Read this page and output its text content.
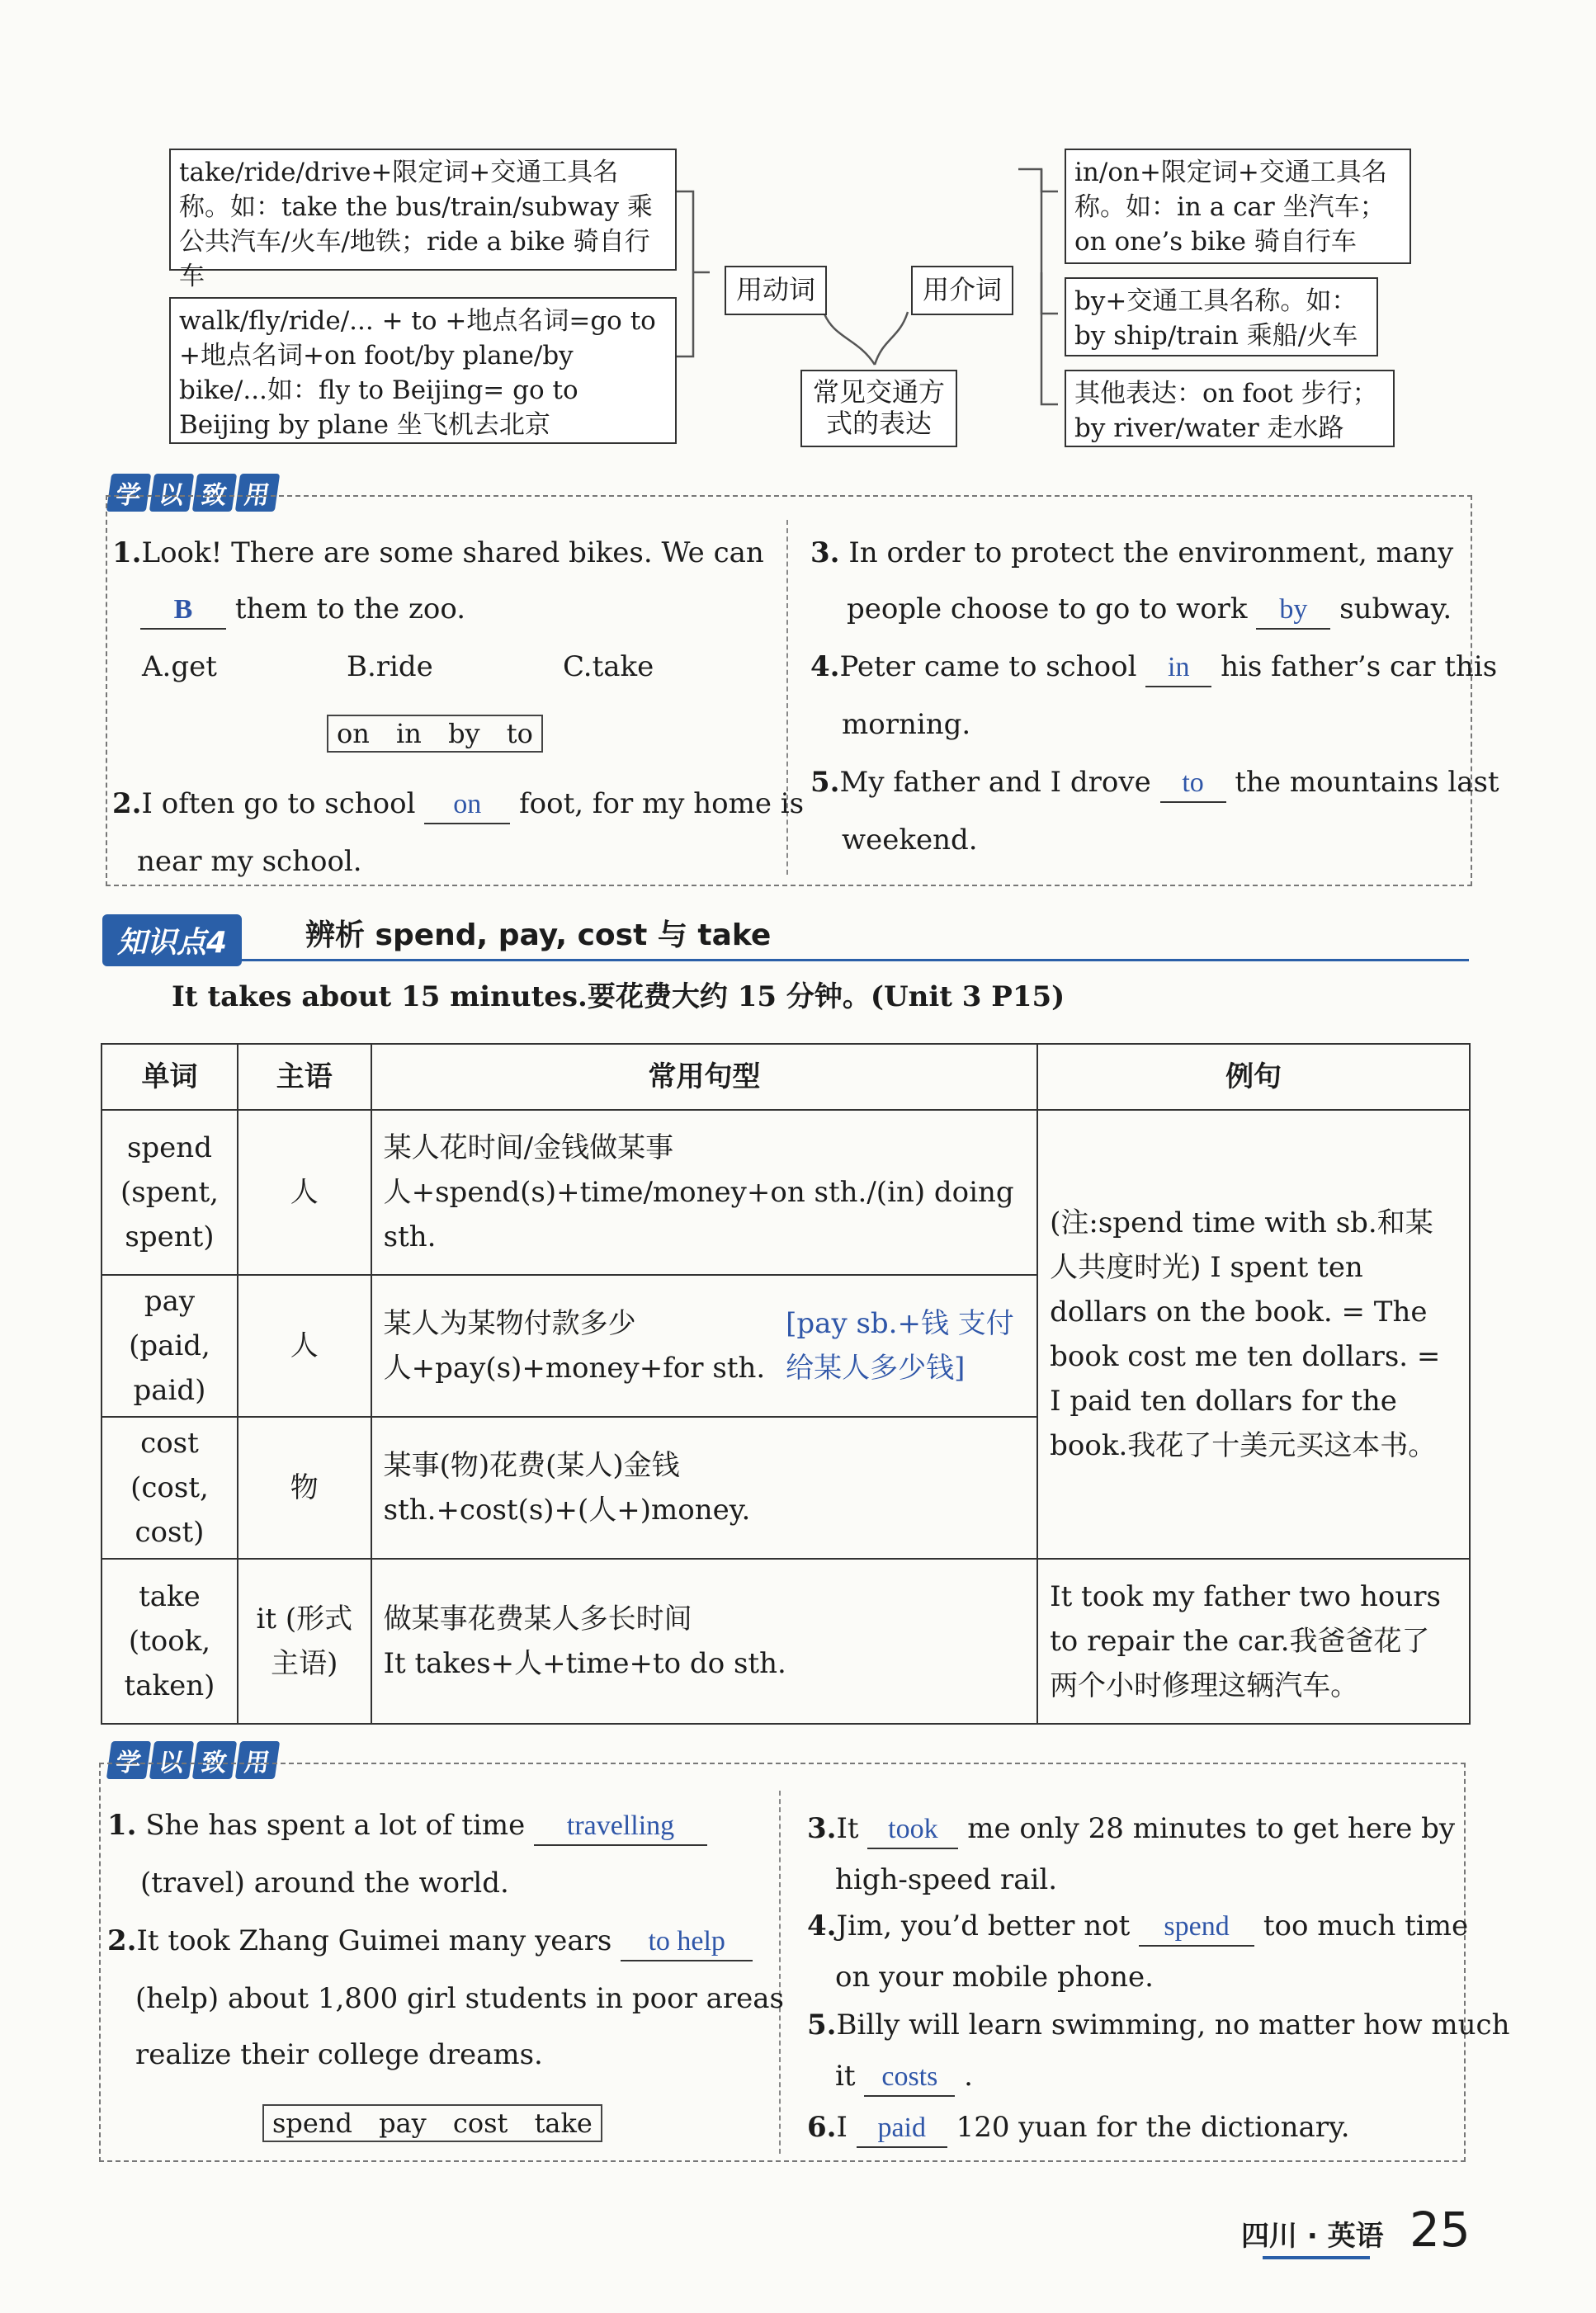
take/ride/drive+限定词+交通工具名称。如：take the bus/train/subway 乘公共汽车/火车/地铁；ride a bike 骑自行车
walk/fly/ride/... + to +地点名词=go to +地点名词+on foot/by plane/by bike/...如：fly to Beijing= go to Beijing by plane 坐飞机去北京
用动词
常见交通方式的表达
用介词
in/on+限定词+交通工具名称。如：in a car 坐汽车；on one’s bike 骑自行车
by+交通工具名称。如：by ship/train 乘船/火车
其他表达：on foot 步行；by river/water 走水路
学 以 致 用
1.Look! There are some shared bikes. We can
B them to the zoo.
A.get	B.ride	C.take
on in by to
2.I often go to school on foot, for my home is
near my school.
3. In order to protect the environment, many
people choose to go to work by subway.
4.Peter came to school in his father’s car this
morning.
5.My father and I drove to the mountains last
weekend.
知识点4	辨析 spend, pay, cost 与 take
It takes about 15 minutes.要花费大约 15 分钟。(Unit 3 P15)
单词	主语	常用句型	例句
spend (spent, spent)	人	某人花时间/金钱做某事
人+spend(s)+time/money+on sth./(in) doing sth.	(注:spend time with sb.和某人共度时光) I spent ten dollars on the book. = The book cost me ten dollars. = I paid ten dollars for the book.我花了十美元买这本书。
pay (paid, paid)	人	某人为某物付款多少
人+pay(s)+money+for sth.
[pay sb.+钱 支付给某人多少钱]	

cost (cost, cost)	物	某事(物)花费(某人)金钱
sth.+cost(s)+(人+)money.	

take (took, taken)	it (形式主语)	做某事花费某人多长时间
It takes+人+time+to do sth.	It took my father two hours to repair the car.我爸爸花了两个小时修理这辆汽车。
学 以 致 用
1. She has spent a lot of time travelling
(travel) around the world.
2.It took Zhang Guimei many years to help
(help) about 1,800 girl students in poor areas
realize their college dreams.
spend pay cost take
3.It took me only 28 minutes to get here by
high-speed rail.
4.Jim, you’d better not spend too much time
on your mobile phone.
5.Billy will learn swimming, no matter how much
it costs .
6.I paid 120 yuan for the dictionary.
四川 · 英语 25
